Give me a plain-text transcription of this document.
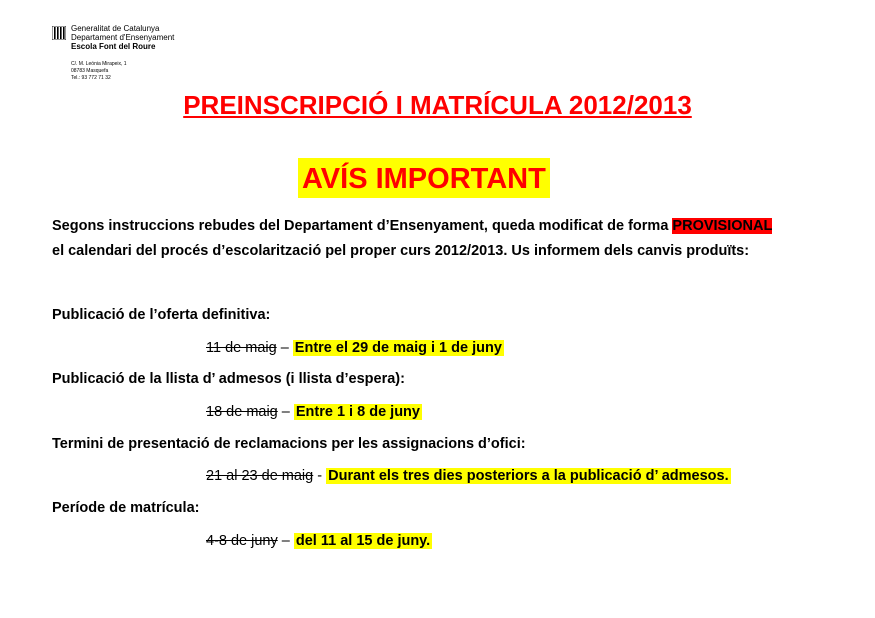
Generalitat de Catalunya
Departament d'Ensenyament
Escola Font del Roure
C/. M. Leónia Mirapeix, 1
08783 Masquefa
Tel.: 93 772 71 32
PREINSCRIPCIÓ I MATRÍCULA 2012/2013
AVÍS IMPORTANT
Segons instruccions rebudes del Departament d’Ensenyament, queda modificat de forma PROVISIONAL
el calendari del procés d’escolarització pel proper curs 2012/2013. Us informem dels canvis produïts:
Publicació de l’oferta definitiva:
11 de maig – Entre el 29 de maig i 1 de juny
Publicació de la llista d’ admesos (i llista d’espera):
18 de maig – Entre 1 i 8 de juny
Termini de presentació de reclamacions per les assignacions d’ofici:
21 al 23 de maig - Durant els tres dies posteriors a la publicació d’ admesos.
Període de matrícula:
4-8 de juny – del 11 al 15 de juny.
